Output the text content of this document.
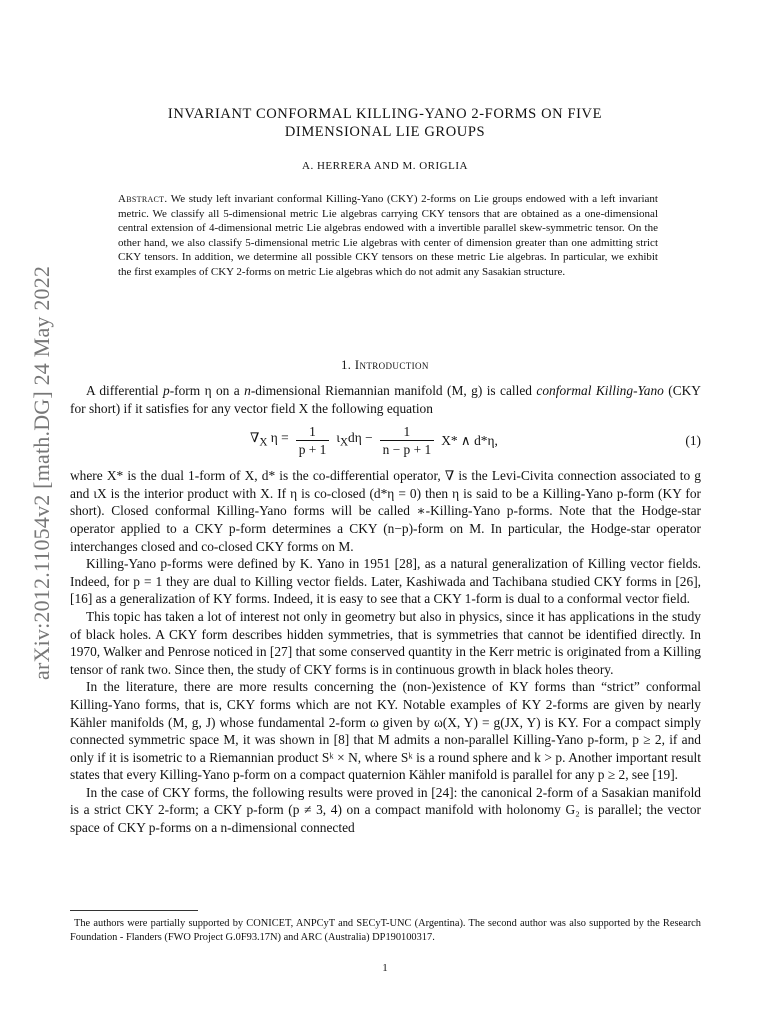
arXiv:2012.11054v2 [math.DG] 24 May 2022
INVARIANT CONFORMAL KILLING-YANO 2-FORMS ON FIVE
DIMENSIONAL LIE GROUPS
A. HERRERA AND M. ORIGLIA
Abstract. We study left invariant conformal Killing-Yano (CKY) 2-forms on Lie groups endowed with a left invariant metric. We classify all 5-dimensional metric Lie algebras carrying CKY tensors that are obtained as a one-dimensional central extension of 4-dimensional metric Lie algebras endowed with a invertible parallel skew-symmetric tensor. On the other hand, we also classify 5-dimensional metric Lie algebras with center of dimension greater than one admitting strict CKY tensors. In addition, we determine all possible CKY tensors on these metric Lie algebras. In particular, we exhibit the first examples of CKY 2-forms on metric Lie algebras which do not admit any Sasakian structure.
1. Introduction

A differential p-form η on a n-dimensional Riemannian manifold (M, g) is called conformal Killing-Yano (CKY for short) if it satisfies for any vector field X the following equation

$\nabla_X$ $\eta = \frac{1}{p + 1} \iota_Xd\eta - \frac{1}{n - p + 1} X*$ ∧ d*η,	(1)

where X* is the dual 1-form of X, d* is the co-differential operator, ∇ is the Levi-Civita connection associated to g and ιX is the interior product with X. If η is co-closed (d*η = 0) then η is said to be a Killing-Yano p-form (KY for short). Closed conformal Killing-Yano forms will be called ∗-Killing-Yano p-forms. Note that the Hodge-star operator applied to a CKY p-form determines a CKY (n−p)-form on M. In particular, the Hodge-star operator interchanges closed and co-closed CKY forms on M.

Killing-Yano p-forms were defined by K. Yano in 1951 [28], as a natural generalization of Killing vector fields. Indeed, for p = 1 they are dual to Killing vector fields. Later, Kashiwada and Tachibana studied CKY forms in [26], [16] as a generalization of KY forms. Indeed, it is easy to see that a CKY 1-form is dual to a conformal vector field.

This topic has taken a lot of interest not only in geometry but also in physics, since it has applications in the study of black holes. A CKY form describes hidden symmetries, that is symmetries that cannot be identified directly. In 1970, Walker and Penrose noticed in [27] that some conserved quantity in the Kerr metric is originated from a Killing tensor of rank two. Since then, the study of CKY forms is in continuous growth in black holes theory.

In the literature, there are more results concerning the (non-)existence of KY forms than “strict” conformal Killing-Yano forms, that is, CKY forms which are not KY. Notable examples of KY 2-forms are given by nearly Kähler manifolds (M, g, J) whose fundamental 2-form ω given by ω(X, Y) = g(JX, Y) is KY. For a compact simply connected symmetric space M, it was shown in [8] that M admits a non-parallel Killing-Yano p-form, p ≥ 2, if and only if it is isometric to a Riemannian product Sᵏ × N, where Sᵏ is a round sphere and k > p. Another important result states that every Killing-Yano p-form on a compact quaternion Kähler manifold is parallel for any p ≥ 2, see [19].

In the case of CKY forms, the following results were proved in [24]: the canonical 2-form of a Sasakian manifold is a strict CKY 2-form; a CKY p-form (p ≠ 3, 4) on a compact manifold with holonomy G₂ is parallel; the vector space of CKY p-forms on a n-dimensional connected

The authors were partially supported by CONICET, ANPCyT and SECyT-UNC (Argentina). The second author was also supported by the Research Foundation - Flanders (FWO Project G.0F93.17N) and ARC (Australia) DP190100317.
1
